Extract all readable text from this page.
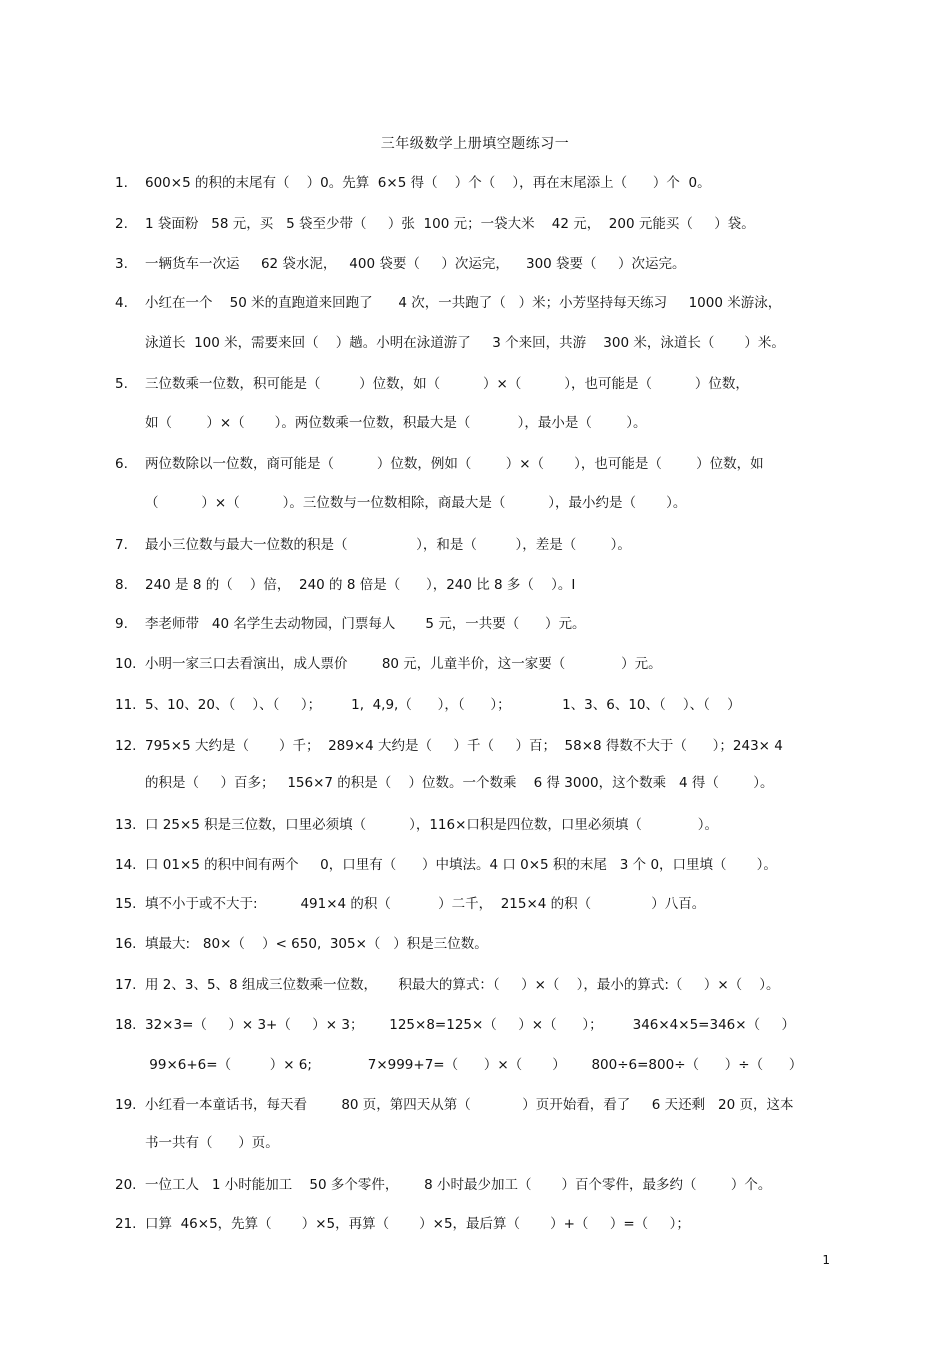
三年级数学上册填空题练习一
1. 600×5 的积的末尾有（    ）0。先算  6×5 得（    ）个（    ），再在末尾添上（      ）个  0。
2. 1 袋面粉   58 元，买   5 袋至少带（     ）张  100 元；一袋大米    42 元，  200 元能买（     ）袋。
3. 一辆货车一次运     62 袋水泥，   400 袋要（     ）次运完，    300 袋要（     ）次运完。
4. 小红在一个    50 米的直跑道来回跑了      4 次，一共跑了（   ）米；小芳坚持每天练习     1000 米游泳，
泳道长  100 米，需要来回（    ）趟。小明在泳道游了     3 个来回，共游    300 米，泳道长（       ）米。
5. 三位数乘一位数，积可能是（         ）位数，如（          ）×（          ），也可能是（          ）位数，
如（        ）×（       ）。两位数乘一位数，积最大是（           ），最小是（        ）。
6. 两位数除以一位数，商可能是（          ）位数，例如（        ）×（       ），也可能是（        ）位数，如
（          ）×（          ）。三位数与一位数相除，商最大是（          ），最小约是（       ）。
7. 最小三位数与最大一位数的积是（                ），和是（         ），差是（        ）。
8. 240 是 8 的（    ）倍，  240 的 8 倍是（      ），240 比 8 多（    ）。I
9. 李老师带   40 名学生去动物园，门票每人       5 元，一共要（      ）元。
10. 小明一家三口去看演出，成人票价        80 元，儿童半价，这一家要（             ）元。
11. 5、10、20、（    ）、（     ）；       1,  4,9,（      ），（      ）；            1、3、6、10、（    ）、（    ）
12. 795×5 大约是（       ）千；  289×4 大约是（     ）千（     ）百；  58×8 得数不大于（      ）；243× 4
的积是（     ）百多；   156×7 的积是（    ）位数。一个数乘    6 得 3000，这个数乘   4 得（        ）。
13. 口 25×5 积是三位数，口里必须填（          ），116×口积是四位数，口里必须填（             ）。
14. 口 01×5 的积中间有两个     0，口里有（      ）中填法。4 口 0×5 积的末尾   3 个 0，口里填（       ）。
15. 填不小于或不大于:          491×4 的积（           ）二千，  215×4 的积（              ）八百。
16. 填最大:   80×（    ）< 650,  305×（   ）积是三位数。
17. 用 2、3、5、8 组成三位数乘一位数，     积最大的算式：（     ）×（    ），最小的算式:（     ）×（    ）。
18. 32×3=（     ）× 3+（     ）× 3；      125×8=125×（     ）×（      ）；       346×4×5=346×（     ）
99×6+6=（         ）× 6;             7×999+7=（      ）×（       ）      800÷6=800÷（      ）÷（      ）
19. 小红看一本童话书，每天看        80 页，第四天从第（            ）页开始看，看了     6 天还剩   20 页，这本
书一共有（      ）页。
20. 一位工人   1 小时能加工    50 多个零件，      8 小时最少加工（       ）百个零件，最多约（        ）个。
21. 口算  46×5，先算（       ）×5，再算（       ）×5，最后算（       ）+（     ）=（     ）；
1
